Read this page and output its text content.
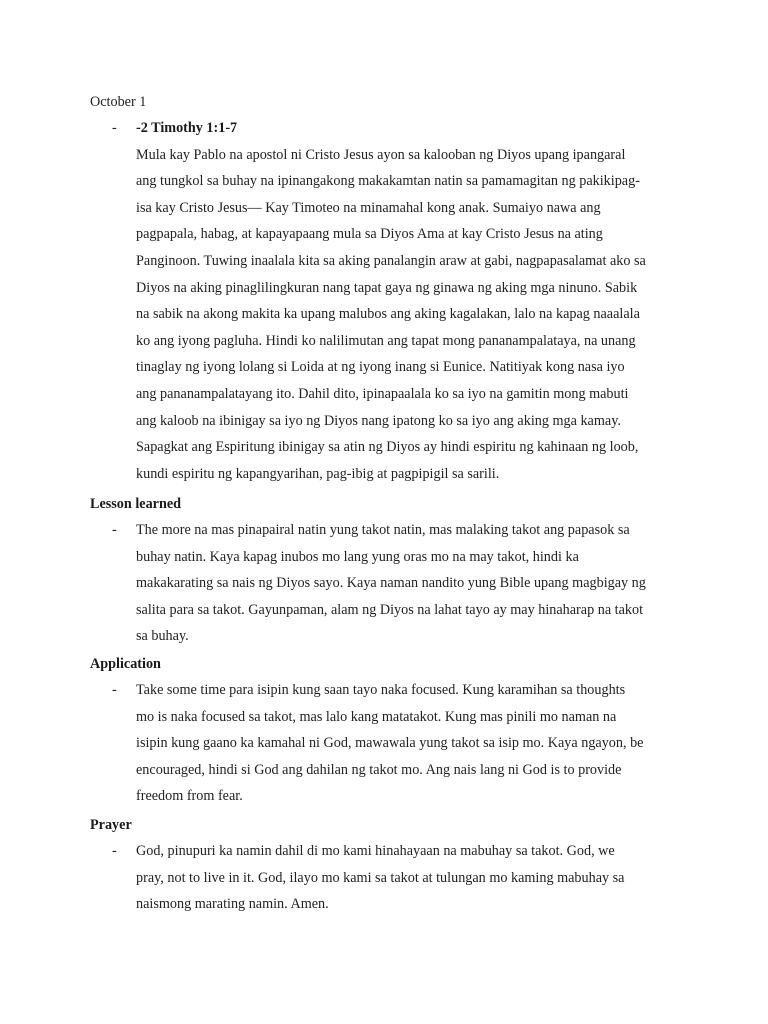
October 1

-	-2 Timothy 1:1-7
Mula kay Pablo na apostol ni Cristo Jesus ayon sa kalooban ng Diyos upang ipangaral
ang tungkol sa buhay na ipinangakong makakamtan natin sa pamamagitan ng pakikipag-
isa kay Cristo Jesus— Kay Timoteo na minamahal kong anak. Sumaiyo nawa ang
pagpapala, habag, at kapayapaang mula sa Diyos Ama at kay Cristo Jesus na ating
Panginoon. Tuwing inaalala kita sa aking panalangin araw at gabi, nagpapasalamat ako sa
Diyos na aking pinaglilingkuran nang tapat gaya ng ginawa ng aking mga ninuno. Sabik
na sabik na akong makita ka upang malubos ang aking kagalakan, lalo na kapag naaalala
ko ang iyong pagluha. Hindi ko nalilimutan ang tapat mong pananampalataya, na unang
tinaglay ng iyong lolang si Loida at ng iyong inang si Eunice. Natitiyak kong nasa iyo
ang pananampalatayang ito. Dahil dito, ipinapaalala ko sa iyo na gamitin mong mabuti
ang kaloob na ibinigay sa iyo ng Diyos nang ipatong ko sa iyo ang aking mga kamay.
Sapagkat ang Espiritung ibinigay sa atin ng Diyos ay hindi espiritu ng kahinaan ng loob,
kundi espiritu ng kapangyarihan, pag-ibig at pagpipigil sa sarili.

Lesson learned

-	The more na mas pinapairal natin yung takot natin, mas malaking takot ang papasok sa
buhay natin. Kaya kapag inubos mo lang yung oras mo na may takot, hindi ka
makakarating sa nais ng Diyos sayo. Kaya naman nandito yung Bible upang magbigay ng
salita para sa takot. Gayunpaman, alam ng Diyos na lahat tayo ay may hinaharap na takot
sa buhay.

Application

-	Take some time para isipin kung saan tayo naka focused. Kung karamihan sa thoughts
mo is naka focused sa takot, mas lalo kang matatakot. Kung mas pinili mo naman na
isipin kung gaano ka kamahal ni God, mawawala yung takot sa isip mo. Kaya ngayon, be
encouraged, hindi si God ang dahilan ng takot mo. Ang nais lang ni God is to provide
freedom from fear.

Prayer

-	God, pinupuri ka namin dahil di mo kami hinahayaan na mabuhay sa takot. God, we
pray, not to live in it. God, ilayo mo kami sa takot at tulungan mo kaming mabuhay sa
naismong marating namin. Amen.
